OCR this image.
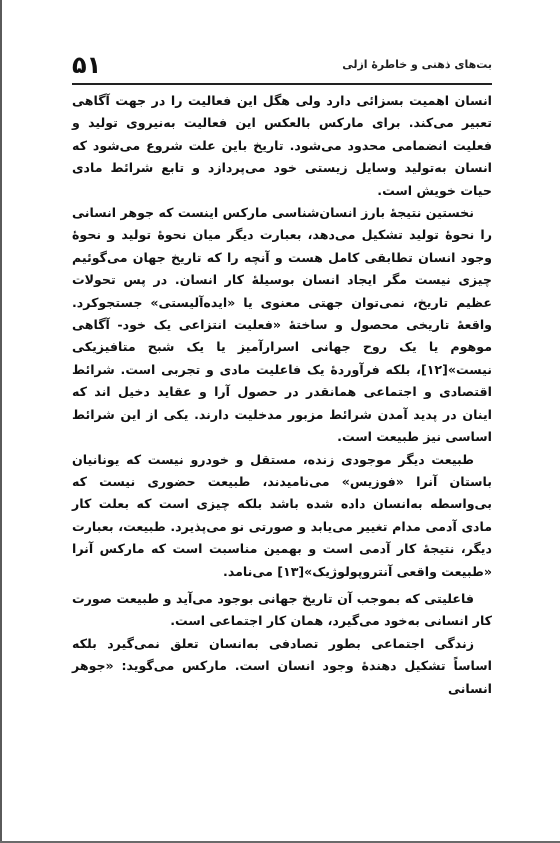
۵۱	بت‌های ذهنی و خاطرهٔ ازلی

انسان اهمیت بسزائی دارد ولی هگل این فعالیت را در جهت آگاهی تعبیر می‌کند. برای مارکس بالعکس این فعالیت به‌نیروی تولید و فعلیت انضمامی محدود می‌شود. تاریخ باین علت شروع می‌شود که انسان به‌تولید وسایل زیستی خود می‌پردازد و تابع شرائط مادی حیات خویش است.

نخستین نتیجهٔ بارز انسان‌شناسی مارکس اینست که جوهر انسانی را نحوهٔ تولید تشکیل می‌دهد، بعبارت دیگر میان نحوهٔ تولید و نحوهٔ وجود انسان تطابقی کامل هست و آنچه را که تاریخ جهان می‌گوئیم چیزی نیست مگر ایجاد انسان بوسیلهٔ کار انسان. در پس تحولات عظیم تاریخ، نمی‌توان جهتی معنوی یا «ایده‌آلیستی» جستجوکرد. واقعهٔ تاریخی محصول و ساختهٔ «فعلیت انتزاعی یک خود- آگاهی موهوم یا یک روح جهانی اسرارآمیز یا یک شبح متافیزیکی نیست»[۱۲]، بلکه فرآوردهٔ یک فاعلیت مادی و تجربی است. شرائط اقتصادی و اجتماعی همانقدر در حصول آرا و عقاید دخیل اند که اینان در پدید آمدن شرائط مزبور مدخلیت دارند. یکی از این شرائط اساسی نیز طبیعت است.

طبیعت دیگر موجودی زنده، مستقل و خودرو نیست که یونانیان باستان آنرا «فوزیس» می‌نامیدند، طبیعت حضوری نیست که بی‌واسطه به‌انسان داده شده باشد بلکه چیزی است که بعلت کار مادی آدمی مدام تغییر می‌یابد و صورتی نو می‌پذیرد. طبیعت، بعبارت دیگر، نتیجهٔ کار آدمی است و بهمین مناسبت است که مارکس آنرا «طبیعت واقعی آنتروپولوژیک»[۱۳] می‌نامد.

فاعلیتی که بموجب آن تاریخ جهانی بوجود می‌آید و طبیعت صورت کار انسانی به‌خود می‌گیرد، همان کار اجتماعی است.

زندگی اجتماعی بطور تصادفی به‌انسان تعلق نمی‌گیرد بلکه اساساً تشکیل دهندهٔ وجود انسان است. مارکس می‌گوید: «جوهر انسانی
